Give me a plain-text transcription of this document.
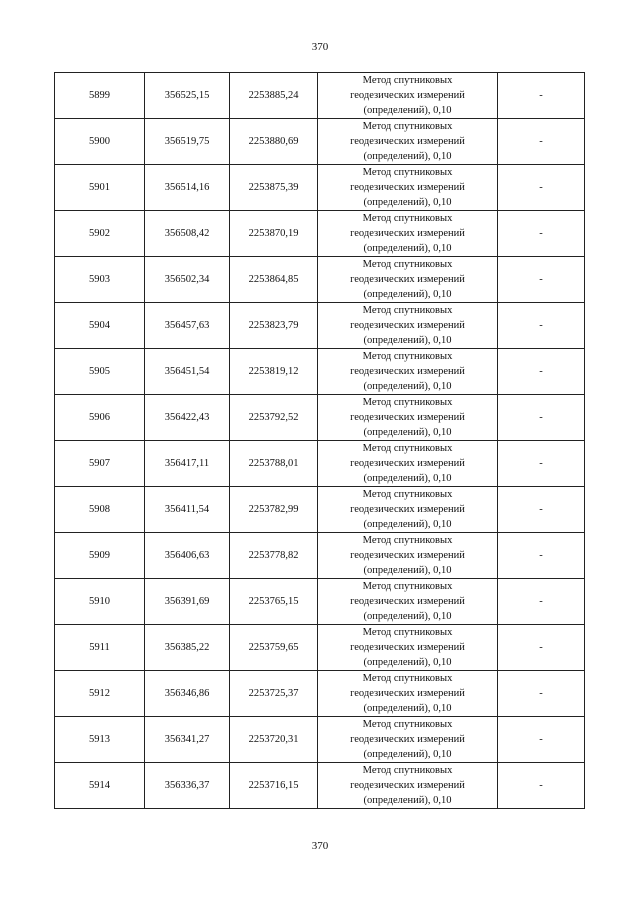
370
5899	356525,15	2253885,24	Метод спутниковых
геодезических измерений
(определений), 0,10	-
5900	356519,75	2253880,69	Метод спутниковых
геодезических измерений
(определений), 0,10	-
5901	356514,16	2253875,39	Метод спутниковых
геодезических измерений
(определений), 0,10	-
5902	356508,42	2253870,19	Метод спутниковых
геодезических измерений
(определений), 0,10	-
5903	356502,34	2253864,85	Метод спутниковых
геодезических измерений
(определений), 0,10	-
5904	356457,63	2253823,79	Метод спутниковых
геодезических измерений
(определений), 0,10	-
5905	356451,54	2253819,12	Метод спутниковых
геодезических измерений
(определений), 0,10	-
5906	356422,43	2253792,52	Метод спутниковых
геодезических измерений
(определений), 0,10	-
5907	356417,11	2253788,01	Метод спутниковых
геодезических измерений
(определений), 0,10	-
5908	356411,54	2253782,99	Метод спутниковых
геодезических измерений
(определений), 0,10	-
5909	356406,63	2253778,82	Метод спутниковых
геодезических измерений
(определений), 0,10	-
5910	356391,69	2253765,15	Метод спутниковых
геодезических измерений
(определений), 0,10	-
5911	356385,22	2253759,65	Метод спутниковых
геодезических измерений
(определений), 0,10	-
5912	356346,86	2253725,37	Метод спутниковых
геодезических измерений
(определений), 0,10	-
5913	356341,27	2253720,31	Метод спутниковых
геодезических измерений
(определений), 0,10	-
5914	356336,37	2253716,15	Метод спутниковых
геодезических измерений
(определений), 0,10	-
370
